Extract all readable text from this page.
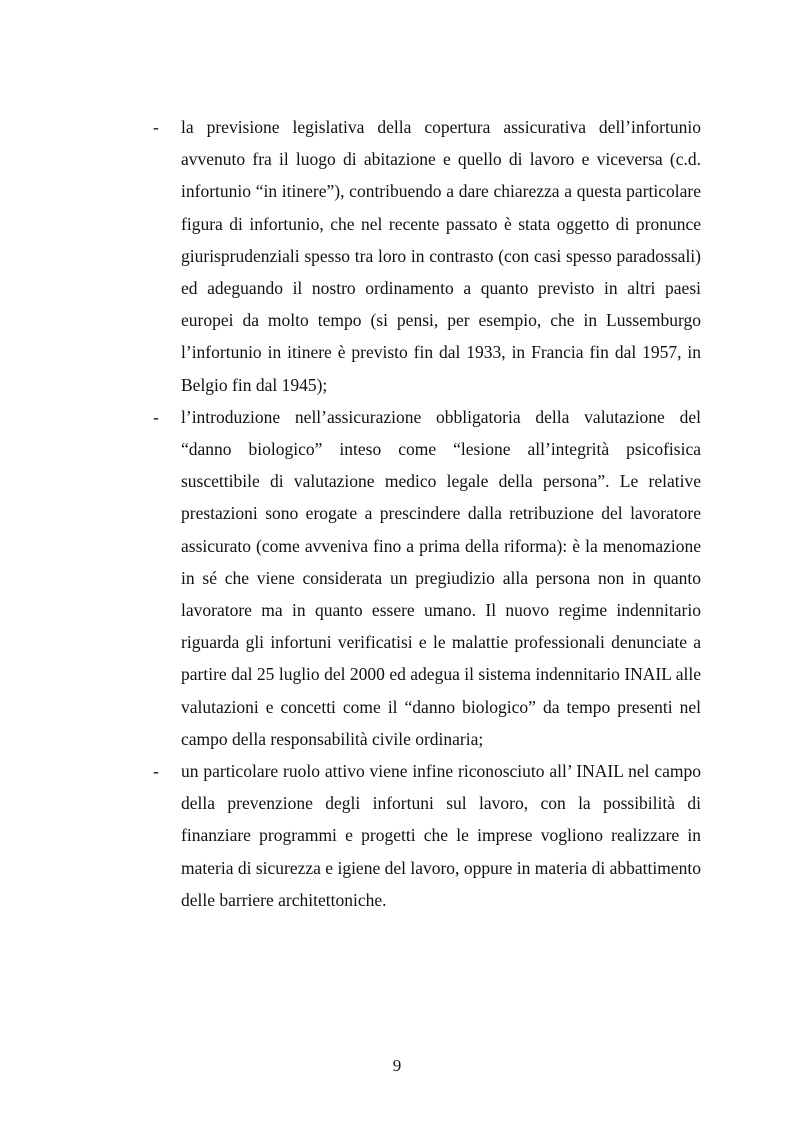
- la previsione legislativa della copertura assicurativa dell’infortunio avvenuto fra il luogo di abitazione e quello di lavoro e viceversa (c.d. infortunio “in itinere”), contribuendo a dare chiarezza a questa particolare figura di infortunio, che nel recente passato è stata oggetto di pronunce giurisprudenziali spesso tra loro in contrasto (con casi spesso paradossali) ed adeguando il nostro ordinamento a quanto previsto in altri paesi europei da molto tempo (si pensi, per esempio, che in Lussemburgo l’infortunio in itinere è previsto fin dal 1933, in Francia fin dal 1957, in Belgio fin dal 1945);
- l’introduzione nell’assicurazione obbligatoria della valutazione del “danno biologico” inteso come “lesione all’integrità psicofisica suscettibile di valutazione medico legale della persona”. Le relative prestazioni sono erogate a prescindere dalla retribuzione del lavoratore assicurato (come avveniva fino a prima della riforma): è la menomazione in sé che viene considerata un pregiudizio alla persona non in quanto lavoratore ma in quanto essere umano. Il nuovo regime indennitario riguarda gli infortuni verificatisi e le malattie professionali denunciate a partire dal 25 luglio del 2000 ed adegua il sistema indennitario INAIL alle valutazioni e concetti come il “danno biologico” da tempo presenti nel campo della responsabilità civile ordinaria;
- un particolare ruolo attivo viene infine riconosciuto all’ INAIL nel campo della prevenzione degli infortuni sul lavoro, con la possibilità di finanziare programmi e progetti che le imprese vogliono realizzare in materia di sicurezza e igiene del lavoro, oppure in materia di abbattimento delle barriere architettoniche.
9
